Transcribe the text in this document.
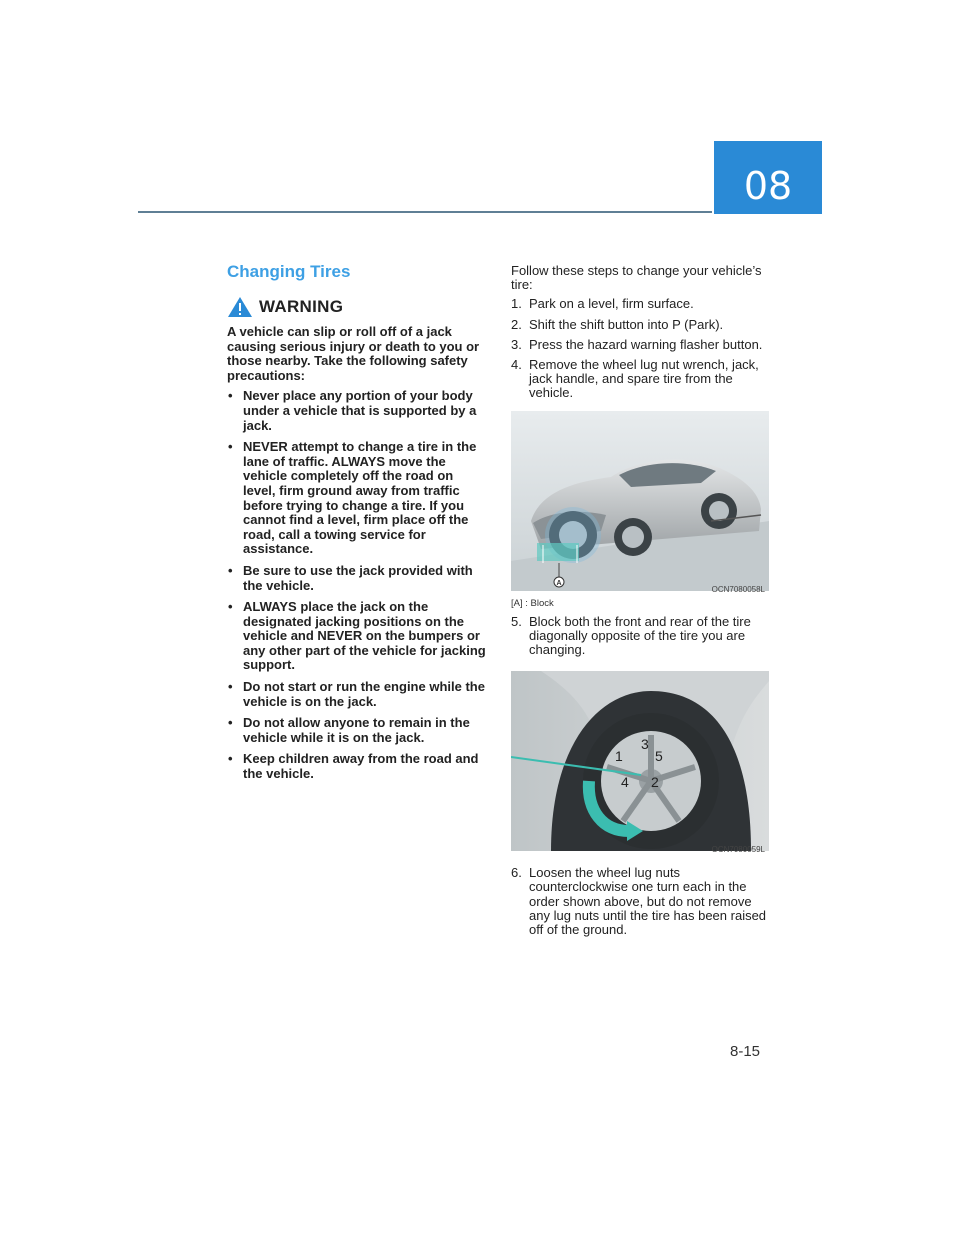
08
Changing Tires
WARNING

A vehicle can slip or roll off of a jack causing serious injury or death to you or those nearby. Take the following safety precautions:

• Never place any portion of your body under a vehicle that is supported by a jack.
• NEVER attempt to change a tire in the lane of traffic. ALWAYS move the vehicle completely off the road on level, firm ground away from traffic before trying to change a tire. If you cannot find a level, firm place off the road, call a towing service for assistance.
• Be sure to use the jack provided with the vehicle.
• ALWAYS place the jack on the designated jacking positions on the vehicle and NEVER on the bumpers or any other part of the vehicle for jacking support.
• Do not start or run the engine while the vehicle is on the jack.
• Do not allow anyone to remain in the vehicle while it is on the jack.
• Keep children away from the road and the vehicle.

Follow these steps to change your vehicle’s tire:

1. Park on a level, firm surface.
2. Shift the shift button into P (Park).
3. Press the hazard warning flasher button.
4. Remove the wheel lug nut wrench, jack, jack handle, and spare tire from the vehicle.
A
OCN7080058L

[A] : Block

5. Block both the front and rear of the tire diagonally opposite of the tire you are changing.
1
2
3
4
5
OCN7080059L
6. Loosen the wheel lug nuts counterclockwise one turn each in the order shown above, but do not remove any lug nuts until the tire has been raised off of the ground.
8-15
